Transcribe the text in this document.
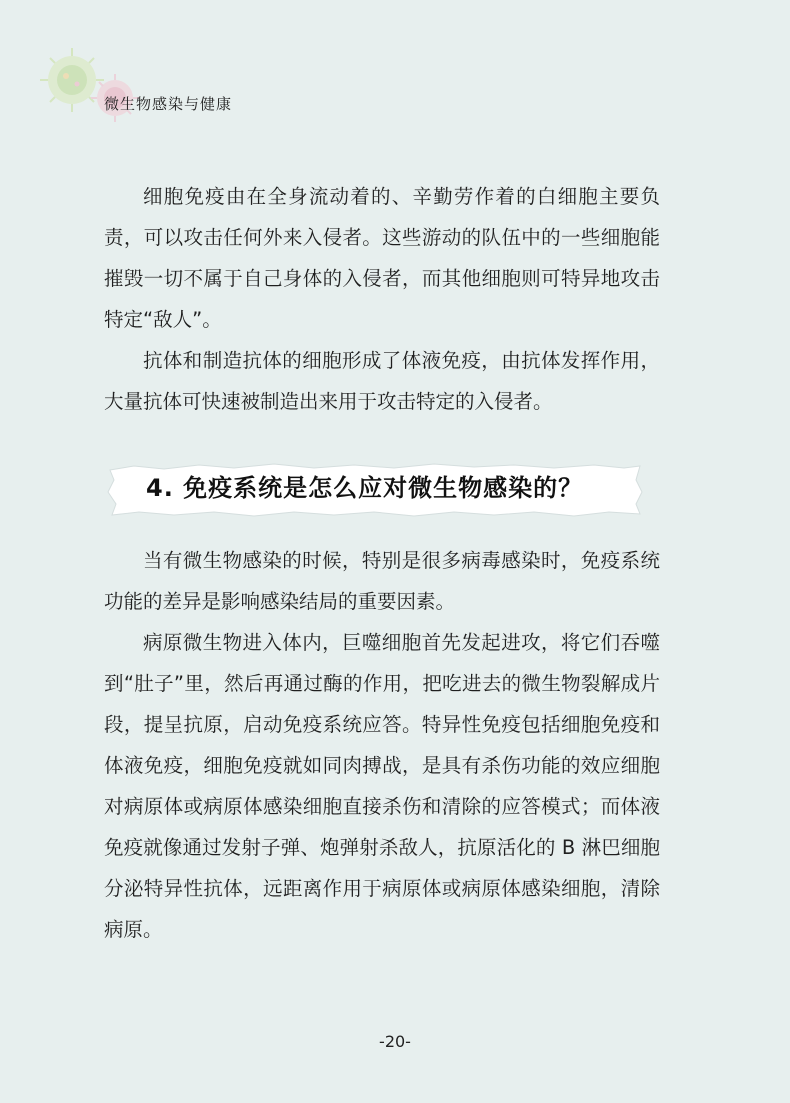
微生物感染与健康

细胞免疫由在全身流动着的、辛勤劳作着的白细胞主要负责，可以攻击任何外来入侵者。这些游动的队伍中的一些细胞能摧毁一切不属于自己身体的入侵者，而其他细胞则可特异地攻击特定“敌人”。

抗体和制造抗体的细胞形成了体液免疫，由抗体发挥作用，大量抗体可快速被制造出来用于攻击特定的入侵者。

4. 免疫系统是怎么应对微生物感染的？

当有微生物感染的时候，特别是很多病毒感染时，免疫系统功能的差异是影响感染结局的重要因素。

病原微生物进入体内，巨噬细胞首先发起进攻，将它们吞噬到“肚子”里，然后再通过酶的作用，把吃进去的微生物裂解成片段，提呈抗原，启动免疫系统应答。特异性免疫包括细胞免疫和体液免疫，细胞免疫就如同肉搏战，是具有杀伤功能的效应细胞对病原体或病原体感染细胞直接杀伤和清除的应答模式；而体液免疫就像通过发射子弹、炮弹射杀敌人，抗原活化的 B 淋巴细胞分泌特异性抗体，远距离作用于病原体或病原体感染细胞，清除病原。

-20-
